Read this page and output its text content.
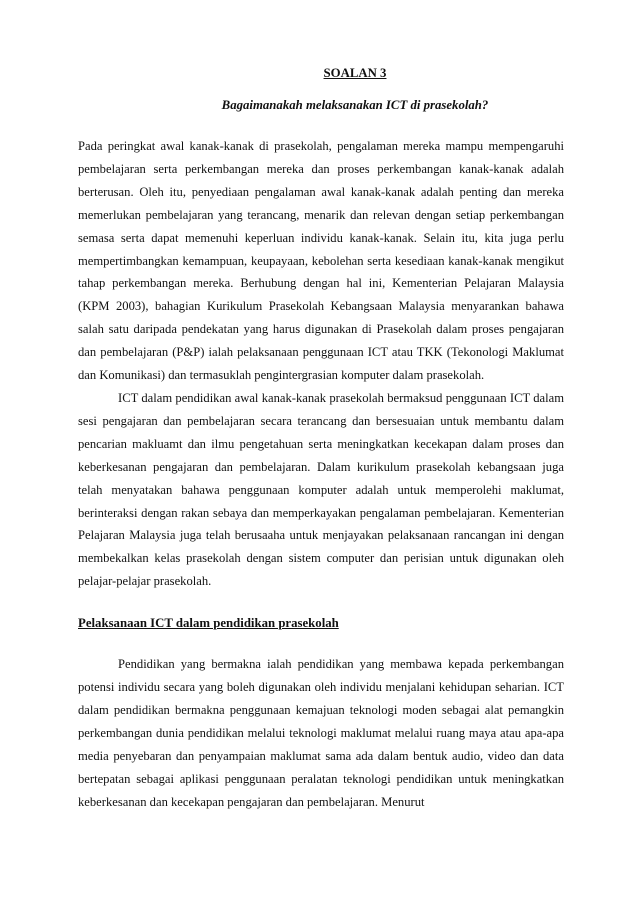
SOALAN 3
Bagaimanakah melaksanakan ICT di prasekolah?

Pada peringkat awal kanak-kanak di prasekolah, pengalaman mereka mampu mempengaruhi pembelajaran serta perkembangan mereka dan proses perkembangan kanak-kanak adalah berterusan. Oleh itu, penyediaan pengalaman awal kanak-kanak adalah penting dan mereka memerlukan pembelajaran yang terancang, menarik dan relevan dengan setiap perkembangan semasa serta dapat memenuhi keperluan individu kanak-kanak. Selain itu, kita juga perlu mempertimbangkan kemampuan, keupayaan, kebolehan serta kesediaan kanak-kanak mengikut tahap perkembangan mereka. Berhubung dengan hal ini, Kementerian Pelajaran Malaysia (KPM 2003), bahagian Kurikulum Prasekolah Kebangsaan Malaysia menyarankan bahawa salah satu daripada pendekatan yang harus digunakan di Prasekolah dalam proses pengajaran dan pembelajaran (P&P) ialah pelaksanaan penggunaan ICT atau TKK (Tekonologi Maklumat dan Komunikasi) dan termasuklah pengintergrasian komputer dalam prasekolah.

ICT dalam pendidikan awal kanak-kanak prasekolah bermaksud penggunaan ICT dalam sesi pengajaran dan pembelajaran secara terancang dan bersesuaian untuk membantu dalam pencarian makluamt dan ilmu pengetahuan serta meningkatkan kecekapan dalam proses dan keberkesanan pengajaran dan pembelajaran. Dalam kurikulum prasekolah kebangsaan juga telah menyatakan bahawa penggunaan komputer adalah untuk memperolehi maklumat, berinteraksi dengan rakan sebaya dan memperkayakan pengalaman pembelajaran. Kementerian Pelajaran Malaysia juga telah berusaaha untuk menjayakan pelaksanaan rancangan ini dengan membekalkan kelas prasekolah dengan sistem computer dan perisian untuk digunakan oleh pelajar-pelajar prasekolah.

Pelaksanaan ICT dalam pendidikan prasekolah

Pendidikan yang bermakna ialah pendidikan yang membawa kepada perkembangan potensi individu secara yang boleh digunakan oleh individu menjalani kehidupan seharian. ICT dalam pendidikan bermakna penggunaan kemajuan teknologi moden sebagai alat pemangkin perkembangan dunia pendidikan melalui teknologi maklumat melalui ruang maya atau apa-apa media penyebaran dan penyampaian maklumat sama ada dalam bentuk audio, video dan data bertepatan sebagai aplikasi penggunaan peralatan teknologi pendidikan untuk meningkatkan keberkesanan dan kecekapan pengajaran dan pembelajaran. Menurut
